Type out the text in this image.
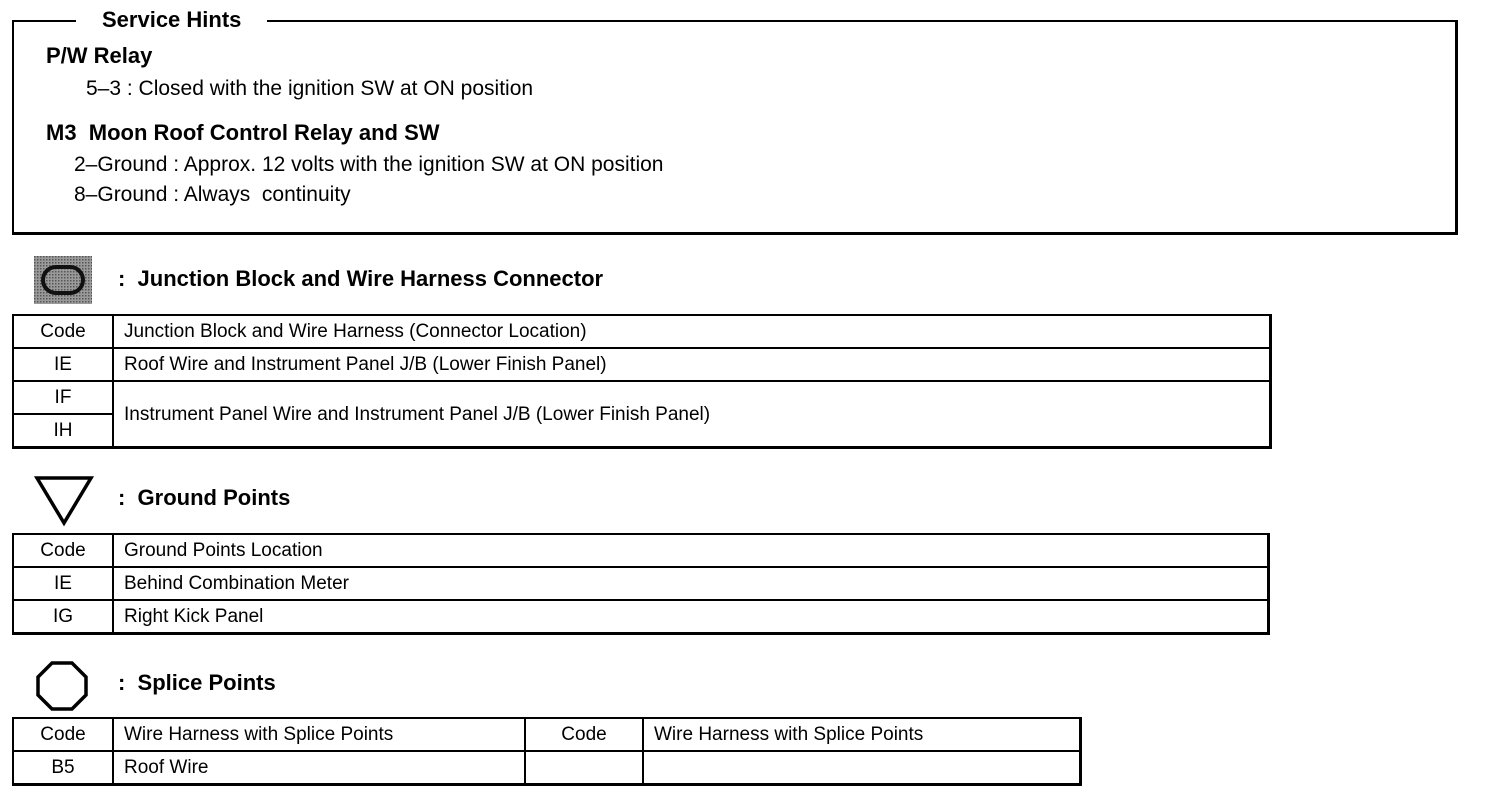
Service Hints
P/W Relay
5–3 : Closed with the ignition SW at ON position
M3  Moon Roof Control Relay and SW
2–Ground : Approx. 12 volts with the ignition SW at ON position
8–Ground : Always  continuity
:  Junction Block and Wire Harness Connector
Code	Junction Block and Wire Harness (Connector Location)
IE	Roof Wire and Instrument Panel J/B (Lower Finish Panel)
IF	Instrument Panel Wire and Instrument Panel J/B (Lower Finish Panel)
IH	
:  Ground Points
Code	Ground Points Location
IE	Behind Combination Meter
IG	Right Kick Panel
:  Splice Points
Code	Wire Harness with Splice Points	Code	Wire Harness with Splice Points
B5	Roof Wire		
